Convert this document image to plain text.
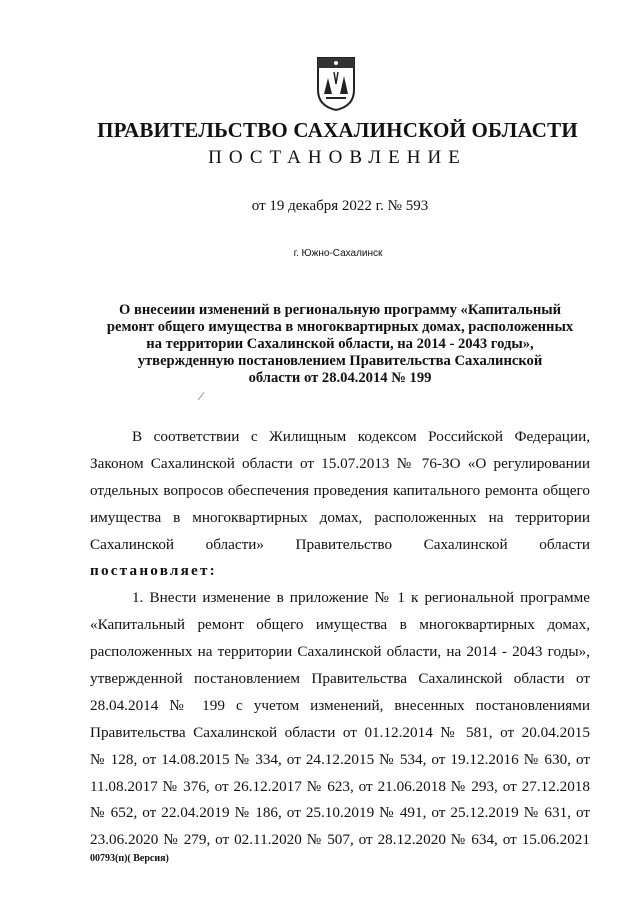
ПРАВИТЕЛЬСТВО САХАЛИНСКОЙ ОБЛАСТИ
ПОСТАНОВЛЕНИЕ
от 19 декабря 2022 г. № 593
г. Южно-Сахалинск
О внесеиии изменений в региональную программу «Капитальный
ремонт общего имущества в многоквартирных домах, расположенных
на территории Сахалинской области, на 2014 - 2043 годы»,
утвержденную постановлением Правительства Сахалинской
области от 28.04.2014 № 199
⁄
В соответствии с Жилищным кодексом Российской Федерации,
Законом Сахалинской области от 15.07.2013 № 76-ЗО «О регулировании
отдельных вопросов обеспечения проведения капитального ремонта общего
имущества в многоквартирных домах, расположенных на территории
Сахалинской области» Правительство Сахалинской области
постановляет:
1. Внести изменение в приложение № 1 к региональной программе
«Капитальный ремонт общего имущества в многоквартирных домах,
расположенных на территории Сахалинской области, на 2014 - 2043 годы»,
утвержденной постановлением Правительства Сахалинской области от
28.04.2014 № 199 с учетом изменений, внесенных постановлениями
Правительства Сахалинской области от 01.12.2014 № 581, от 20.04.2015
№ 128, от 14.08.2015 № 334, от 24.12.2015 № 534, от 19.12.2016 № 630, от
11.08.2017 № 376, от 26.12.2017 № 623, от 21.06.2018 № 293, от 27.12.2018
№ 652, от 22.04.2019 № 186, от 25.10.2019 № 491, от 25.12.2019 № 631, от
23.06.2020 № 279, от 02.11.2020 № 507, от 28.12.2020 № 634, от 15.06.2021
00793(п)( Версия)
